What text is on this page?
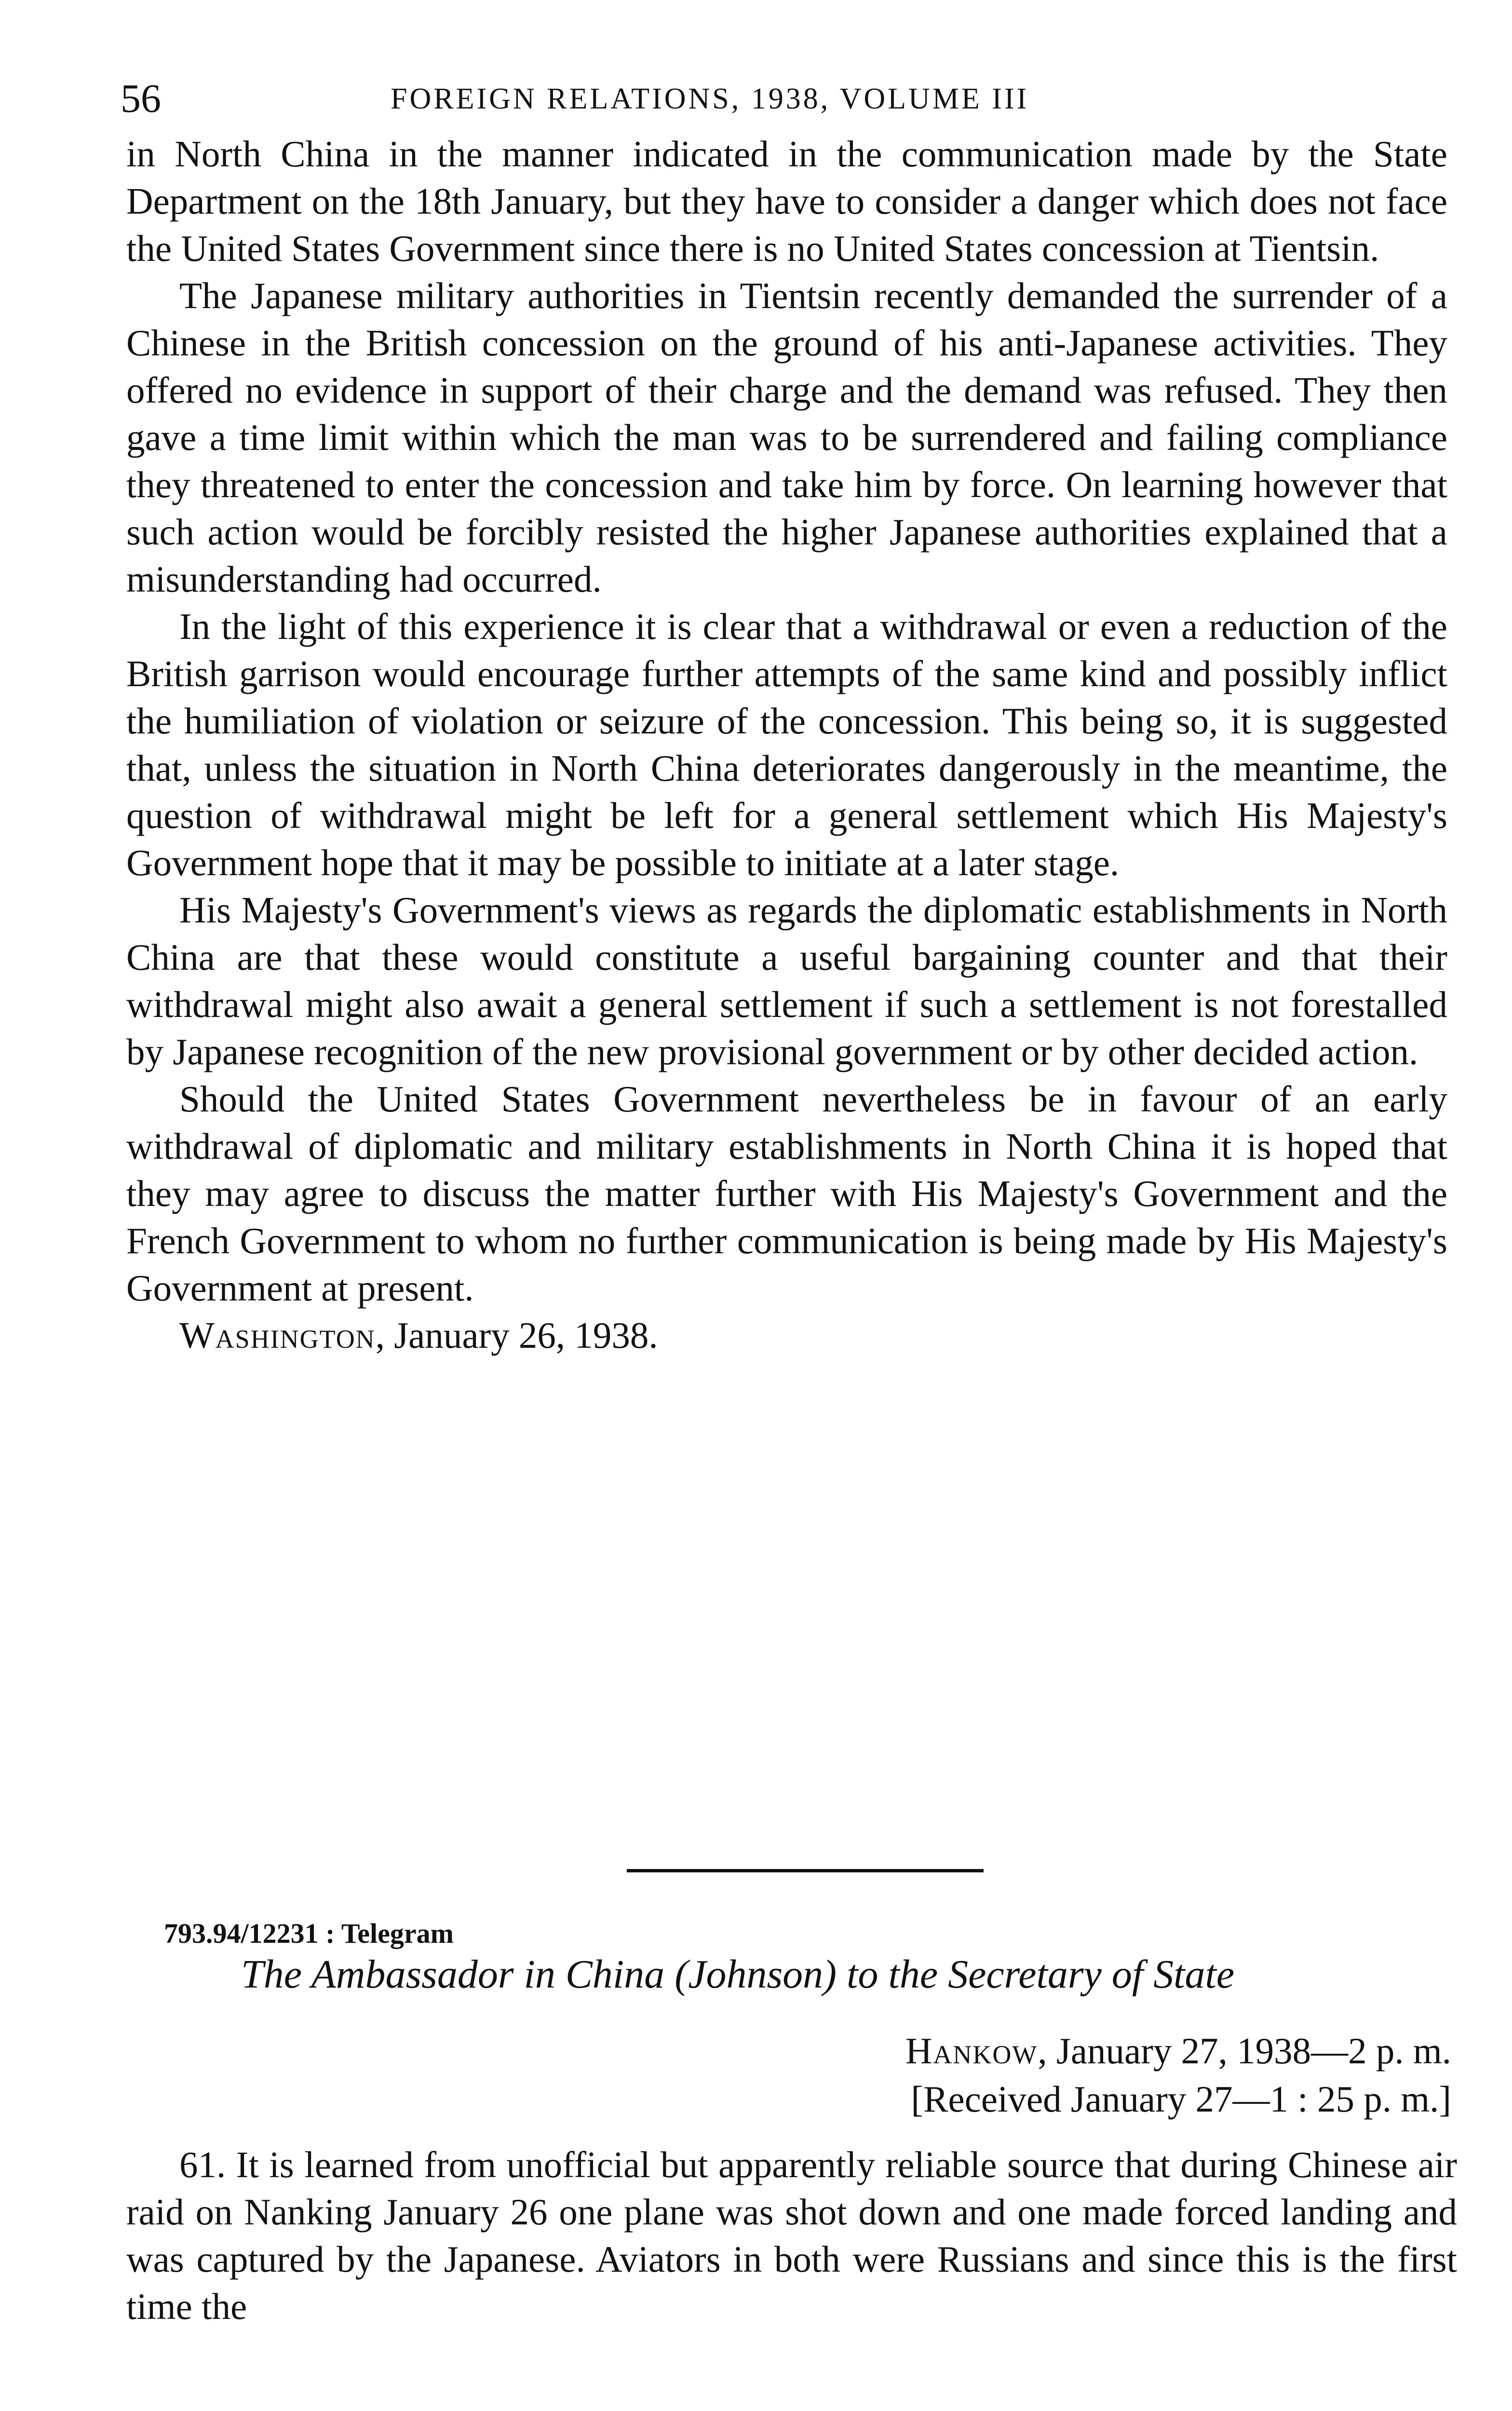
56	FOREIGN RELATIONS, 1938, VOLUME III

in North China in the manner indicated in the communication made by the State Department on the 18th January, but they have to consider a danger which does not face the United States Government since there is no United States concession at Tientsin.

The Japanese military authorities in Tientsin recently demanded the surrender of a Chinese in the British concession on the ground of his anti-Japanese activities. They offered no evidence in support of their charge and the demand was refused. They then gave a time limit within which the man was to be surrendered and failing compliance they threatened to enter the concession and take him by force. On learning however that such action would be forcibly resisted the higher Japanese authorities explained that a misunderstanding had occurred.

In the light of this experience it is clear that a withdrawal or even a reduction of the British garrison would encourage further attempts of the same kind and possibly inflict the humiliation of violation or seizure of the concession. This being so, it is suggested that, unless the situation in North China deteriorates dangerously in the meantime, the question of withdrawal might be left for a general settlement which His Majesty's Government hope that it may be possible to initiate at a later stage.

His Majesty's Government's views as regards the diplomatic establishments in North China are that these would constitute a useful bargaining counter and that their withdrawal might also await a general settlement if such a settlement is not forestalled by Japanese recognition of the new provisional government or by other decided action.

Should the United States Government nevertheless be in favour of an early withdrawal of diplomatic and military establishments in North China it is hoped that they may agree to discuss the matter further with His Majesty's Government and the French Government to whom no further communication is being made by His Majesty's Government at present.

Washington, January 26, 1938.

793.94/12231 : Telegram
The Ambassador in China (Johnson) to the Secretary of State
Hankow, January 27, 1938—2 p. m.
[Received January 27—1 : 25 p. m.]

61. It is learned from unofficial but apparently reliable source that during Chinese air raid on Nanking January 26 one plane was shot down and one made forced landing and was captured by the Japanese. Aviators in both were Russians and since this is the first time the
